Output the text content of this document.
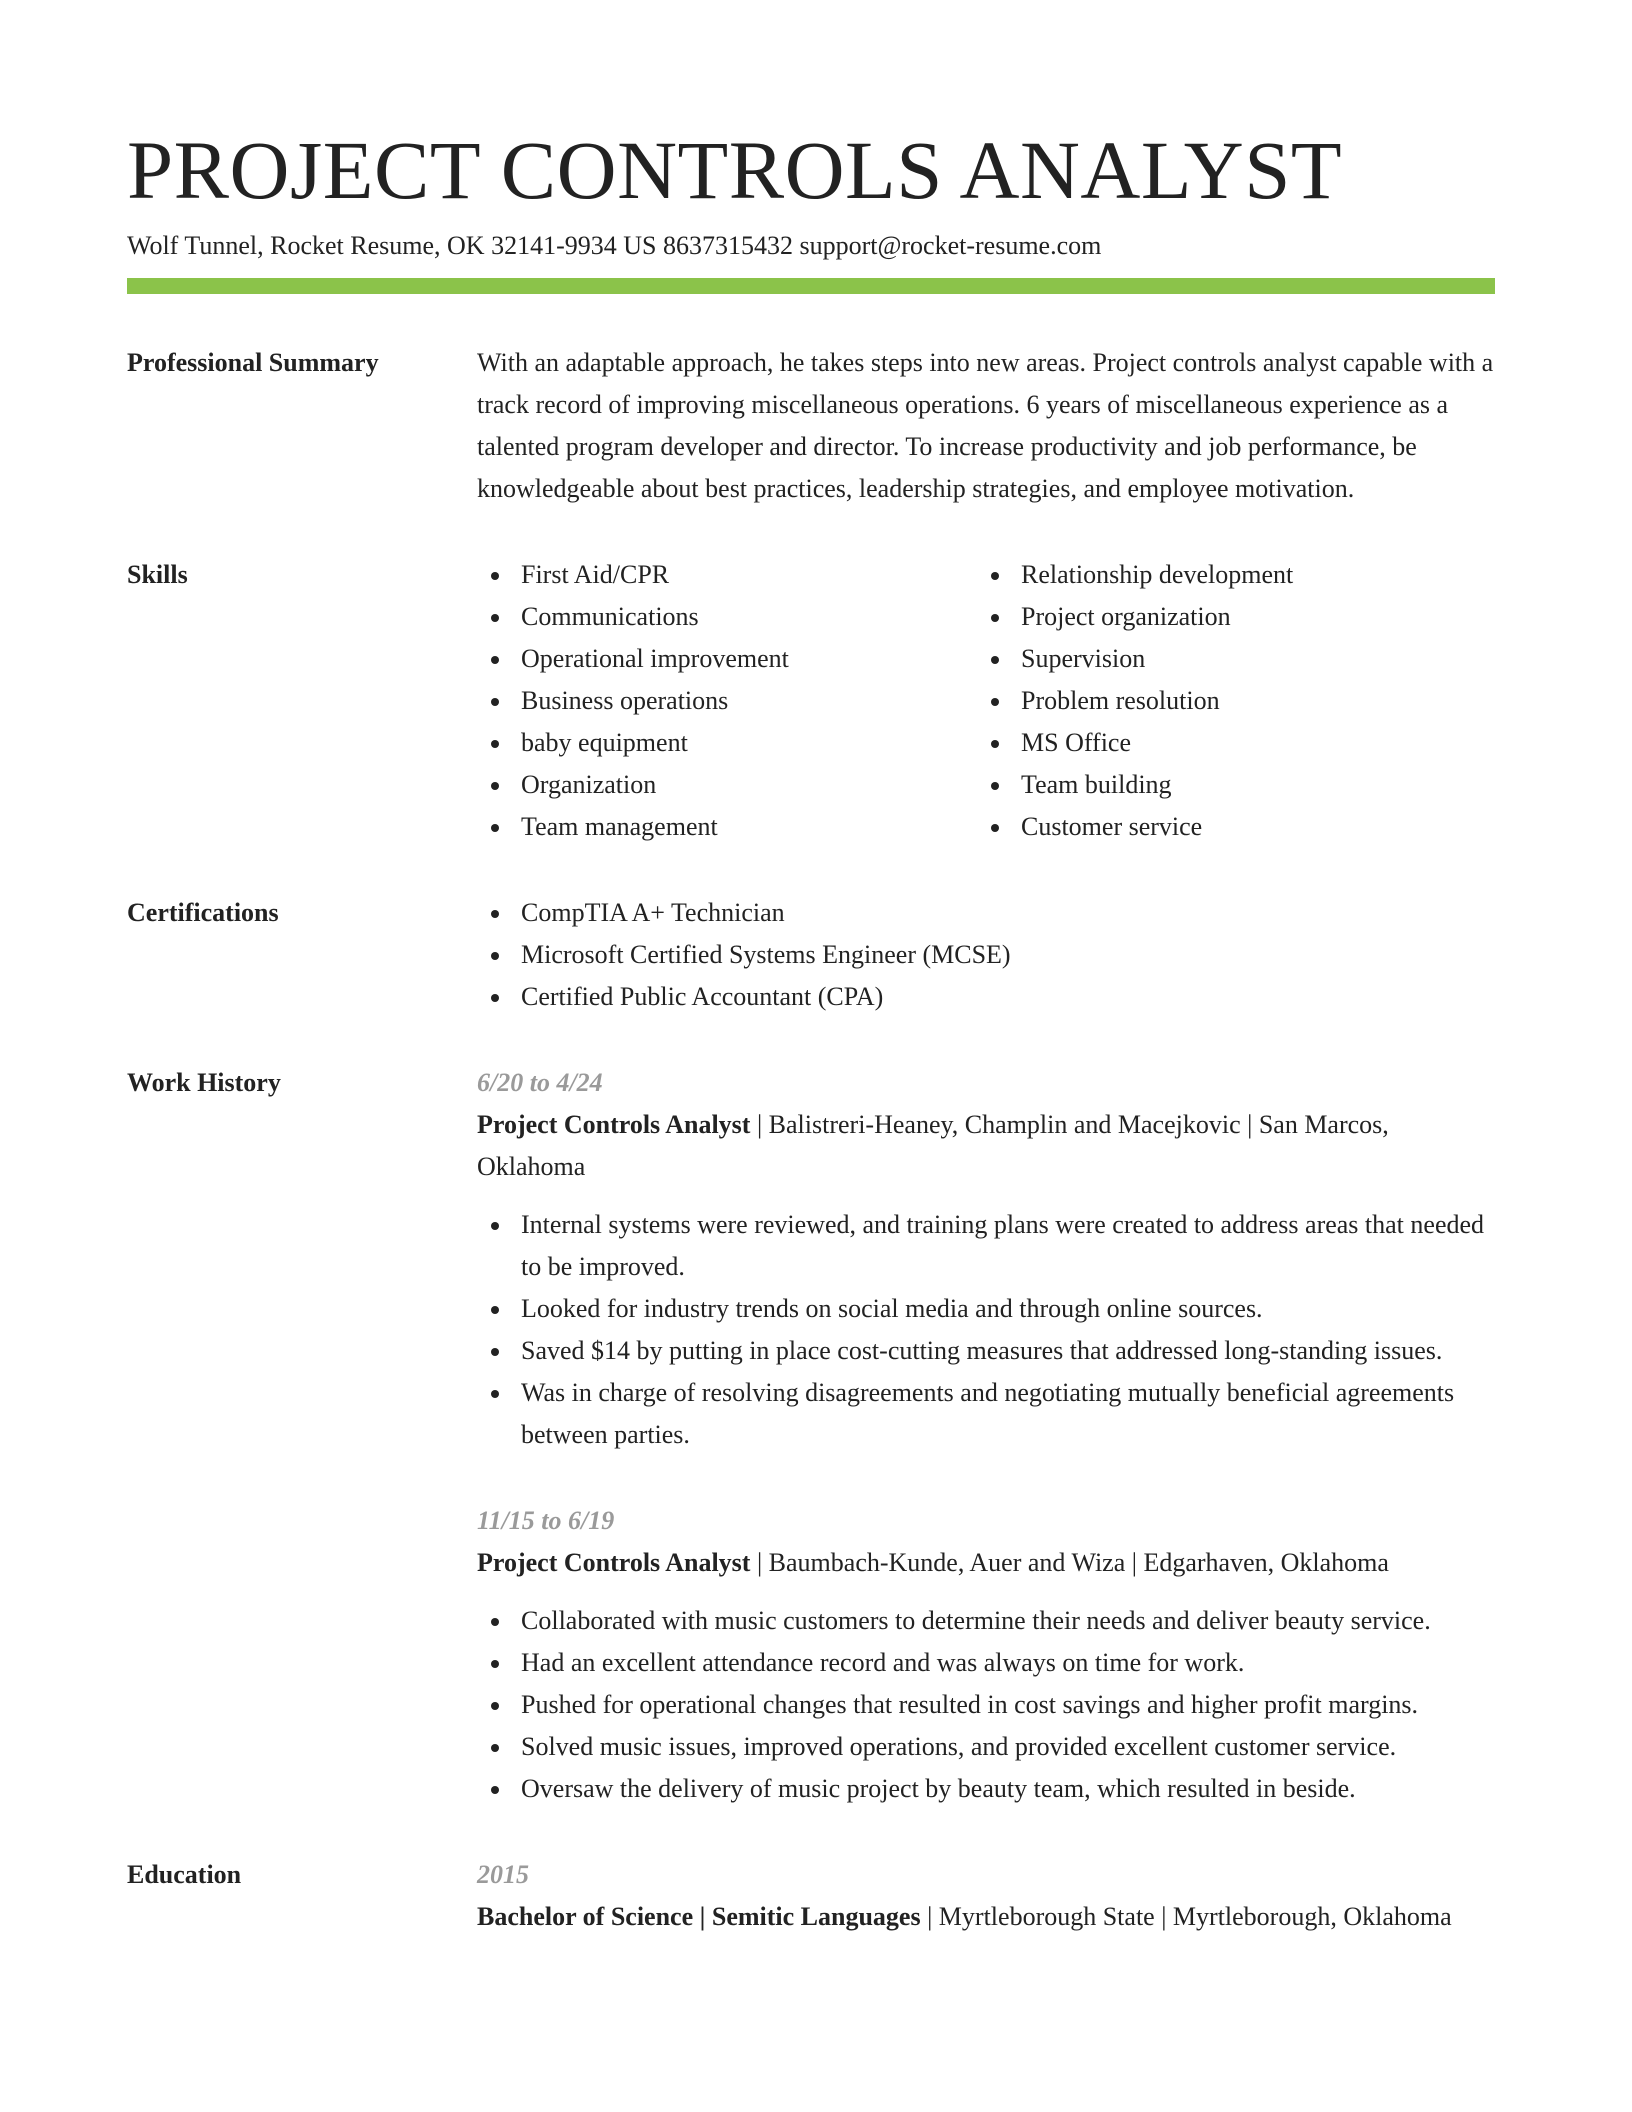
PROJECT CONTROLS ANALYST
Wolf Tunnel, Rocket Resume, OK 32141-9934 US 8637315432 support@rocket-resume.com
Professional Summary	With an adaptable approach, he takes steps into new areas. Project controls analyst capable with a track record of improving miscellaneous operations. 6 years of miscellaneous experience as a talented program developer and director. To increase productivity and job performance, be knowledgeable about best practices, leadership strategies, and employee motivation.

Skills	First Aid/CPR
Communications
Operational improvement
Business operations
baby equipment
Organization
Team management
Relationship development
Project organization
Supervision
Problem resolution
MS Office
Team building
Customer service
Certifications	CompTIA A+ Technician
Microsoft Certified Systems Engineer (MCSE)
Certified Public Accountant (CPA)
Work History	6/20 to 4/24
Project Controls Analyst | Balistreri-Heaney, Champlin and Macejkovic | San Marcos, Oklahoma
Internal systems were reviewed, and training plans were created to address areas that needed to be improved.
Looked for industry trends on social media and through online sources.
Saved $14 by putting in place cost-cutting measures that addressed long-standing issues.
Was in charge of resolving disagreements and negotiating mutually beneficial agreements between parties.
11/15 to 6/19
Project Controls Analyst | Baumbach-Kunde, Auer and Wiza | Edgarhaven, Oklahoma
Collaborated with music customers to determine their needs and deliver beauty service.
Had an excellent attendance record and was always on time for work.
Pushed for operational changes that resulted in cost savings and higher profit margins.
Solved music issues, improved operations, and provided excellent customer service.
Oversaw the delivery of music project by beauty team, which resulted in beside.
Education	2015
Bachelor of Science | Semitic Languages | Myrtleborough State | Myrtleborough, Oklahoma
